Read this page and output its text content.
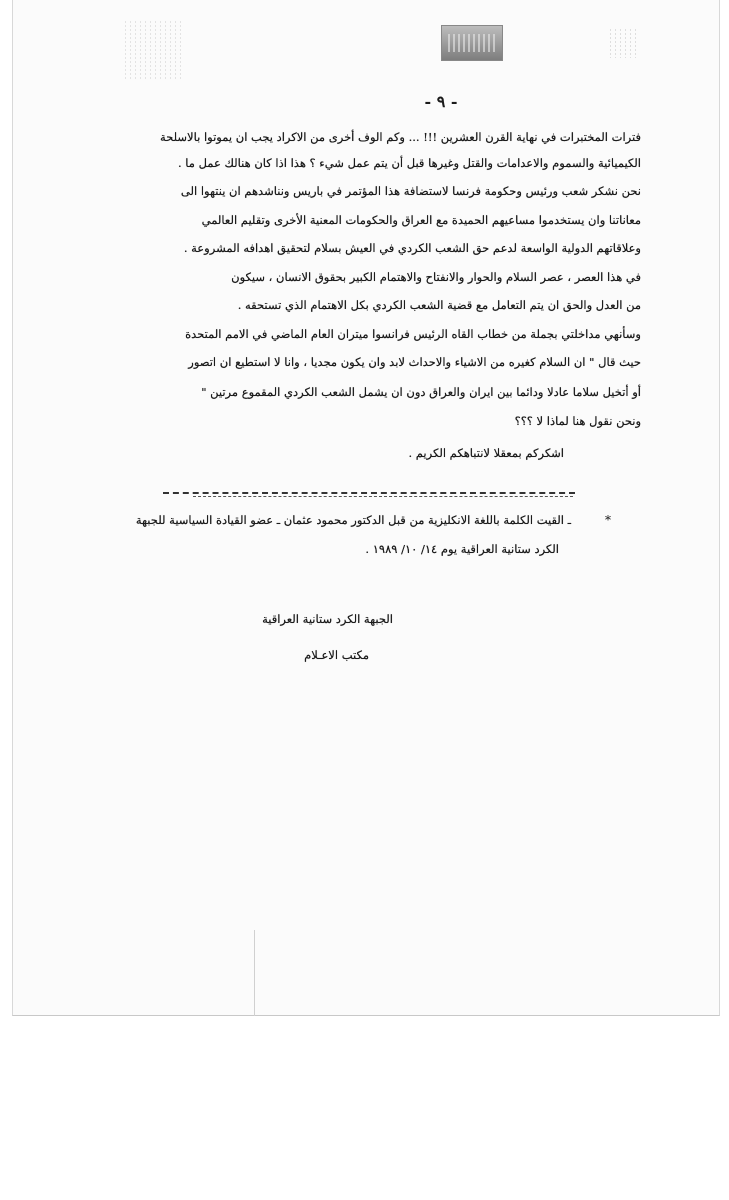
- ٩ -
فترات المختبرات في نهاية القرن العشرين !!! ... وكم الوف أخرى من الاكراد يجب ان يموتوا بالاسلحة
الكيميائية والسموم والاعدامات والقتل وغيرها قبل أن يتم عمل شيء ؟ هذا اذا كان هنالك عمل ما .
نحن نشكر شعب ورئيس وحكومة فرنسا لاستضافة هذا المؤتمر في باريس ونناشدهم ان ينتهوا الى
معاناتنا وان يستخدموا مساعيهم الحميدة مع العراق والحكومات المعنية الأخرى وتقليم العالمي
وعلاقاتهم الدولية الواسعة لدعم حق الشعب الكردي في العيش بسلام لتحقيق اهدافه المشروعة .
في هذا العصر ، عصر السلام والحوار والانفتاح والاهتمام الكبير بحقوق الانسان ، سيكون
من العدل والحق ان يتم التعامل مع قضية الشعب الكردي بكل الاهتمام الذي تستحقه .
وسأنهي مداخلتي بجملة من خطاب القاه الرئيس فرانسوا ميتران العام الماضي في الامم المتحدة
حيث قال " ان السلام كغيره من الاشياء والاحداث لابد وان يكون مجديا ، وانا لا استطيع ان اتصور
أو أتخيل سلاما عادلا ودائما بين ايران والعراق دون ان يشمل الشعب الكردي المقموع مرتين "
ونحن نقول هنا لماذا لا ؟؟؟
اشكركم بمعقلا لانتباهكم الكريم .
*
ـ القيت الكلمة باللغة الانكليزية من قبل الدكتور محمود عثمان ـ عضو القيادة السياسية للجبهة
الكرد ستانية العراقية يوم ١٤/ ١٠/ ١٩٨٩ .
الجبهة الكرد ستانية العراقية
مكتب الاعـلام
